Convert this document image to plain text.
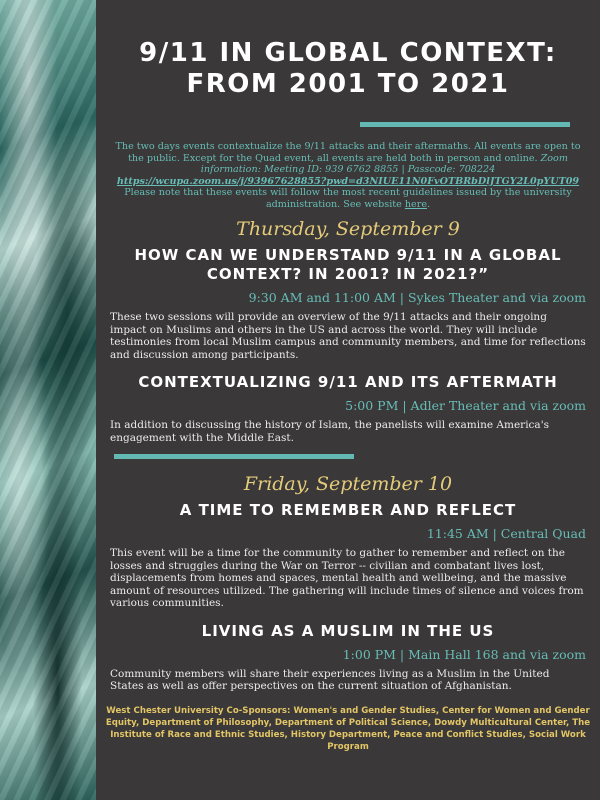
9/11 IN GLOBAL CONTEXT:
FROM 2001 TO 2021
The two days events contextualize the 9/11 attacks and their aftermaths. All events are open to the public. Except for the Quad event, all events are held both in person and online. Zoom information: Meeting ID: 939 6762 8855 | Passcode: 708224
https://wcupa.zoom.us/j/93967628855?pwd=d3NIUE11N0FvOTBRbDlJTGY2L0pYUT09
Please note that these events will follow the most recent guidelines issued by the university administration. See website here.
Thursday, September 9
HOW CAN WE UNDERSTAND 9/11 IN A GLOBAL CONTEXT? IN 2001? IN 2021?”
9:30 AM and 11:00 AM | Sykes Theater and via zoom
These two sessions will provide an overview of the 9/11 attacks and their ongoing impact on Muslims and others in the US and across the world. They will include testimonies from local Muslim campus and community members, and time for reflections and discussion among participants.
CONTEXTUALIZING 9/11 AND ITS AFTERMATH
5:00 PM | Adler Theater and via zoom
In addition to discussing the history of Islam, the panelists will examine America's engagement with the Middle East.
Friday, September 10
A TIME TO REMEMBER AND REFLECT
11:45 AM | Central Quad
This event will be a time for the community to gather to remember and reflect on the losses and struggles during the War on Terror -- civilian and combatant lives lost, displacements from homes and spaces, mental health and wellbeing, and the massive amount of resources utilized. The gathering will include times of silence and voices from various communities.
LIVING AS A MUSLIM IN THE US
1:00 PM | Main Hall 168 and via zoom
Community members will share their experiences living as a Muslim in the United States as well as offer perspectives on the current situation of Afghanistan.
West Chester University Co-Sponsors: Women's and Gender Studies, Center for Women and Gender Equity, Department of Philosophy, Department of Political Science, Dowdy Multicultural Center, The Institute of Race and Ethnic Studies, History Department, Peace and Conflict Studies, Social Work Program
